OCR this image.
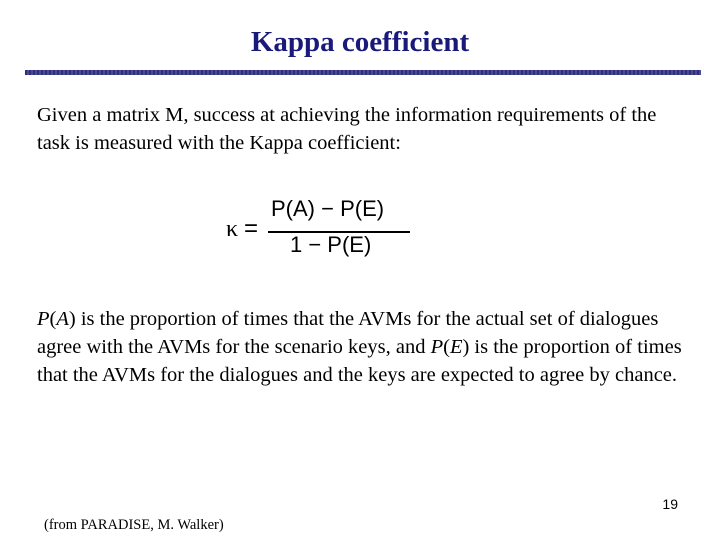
Kappa coefficient
Given a matrix M, success at achieving the information requirements of the task is measured with the Kappa coefficient:
κ =
P(A) − P(E)
1 − P(E)
P(A) is the proportion of times that the AVMs for the actual set of dialogues agree with the AVMs for the scenario keys, and P(E) is the proportion of times that the AVMs for the dialogues and the keys are expected to agree by chance.
19
(from PARADISE, M. Walker)
